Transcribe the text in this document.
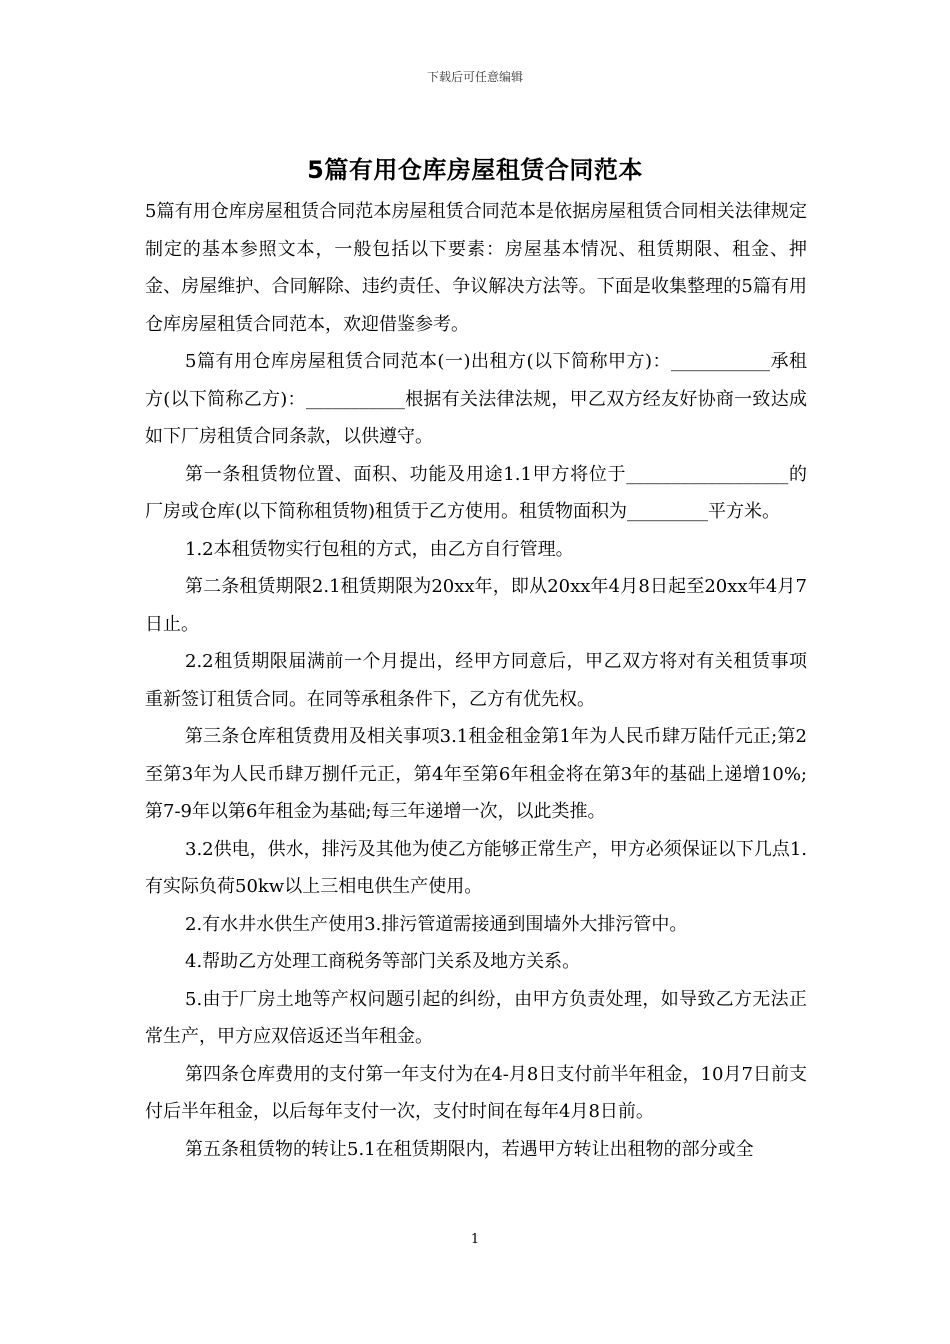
下载后可任意编辑
5篇有用仓库房屋租赁合同范本

5篇有用仓库房屋租赁合同范本房屋租赁合同范本是依据房屋租赁合同相关法律规定制定的基本参照文本，一般包括以下要素：房屋基本情况、租赁期限、租金、押金、房屋维护、合同解除、违约责任、争议解决方法等。下面是收集整理的5篇有用仓库房屋租赁合同范本，欢迎借鉴参考。

5篇有用仓库房屋租赁合同范本(一)出租方(以下简称甲方)：___________承租方(以下简称乙方)：___________根据有关法律法规，甲乙双方经友好协商一致达成如下厂房租赁合同条款，以供遵守。

第一条租赁物位置、面积、功能及用途1.1甲方将位于__________________的厂房或仓库(以下简称租赁物)租赁于乙方使用。租赁物面积为_________平方米。

1.2本租赁物实行包租的方式，由乙方自行管理。

第二条租赁期限2.1租赁期限为20xx年，即从20xx年4月8日起至20xx年4月7日止。

2.2租赁期限届满前一个月提出，经甲方同意后，甲乙双方将对有关租赁事项重新签订租赁合同。在同等承租条件下，乙方有优先权。

第三条仓库租赁费用及相关事项3.1租金租金第1年为人民币肆万陆仟元正;第2至第3年为人民币肆万捌仟元正，第4年至第6年租金将在第3年的基础上递增10%;第7-9年以第6年租金为基础;每三年递增一次，以此类推。

3.2供电，供水，排污及其他为使乙方能够正常生产，甲方必须保证以下几点1.有实际负荷50kw以上三相电供生产使用。

2.有水井水供生产使用3.排污管道需接通到围墙外大排污管中。

4.帮助乙方处理工商税务等部门关系及地方关系。

5.由于厂房土地等产权问题引起的纠纷，由甲方负责处理，如导致乙方无法正常生产，甲方应双倍返还当年租金。

第四条仓库费用的支付第一年支付为在4-月8日支付前半年租金，10月7日前支付后半年租金，以后每年支付一次，支付时间在每年4月8日前。

第五条租赁物的转让5.1在租赁期限内，若遇甲方转让出租物的部分或全

1
